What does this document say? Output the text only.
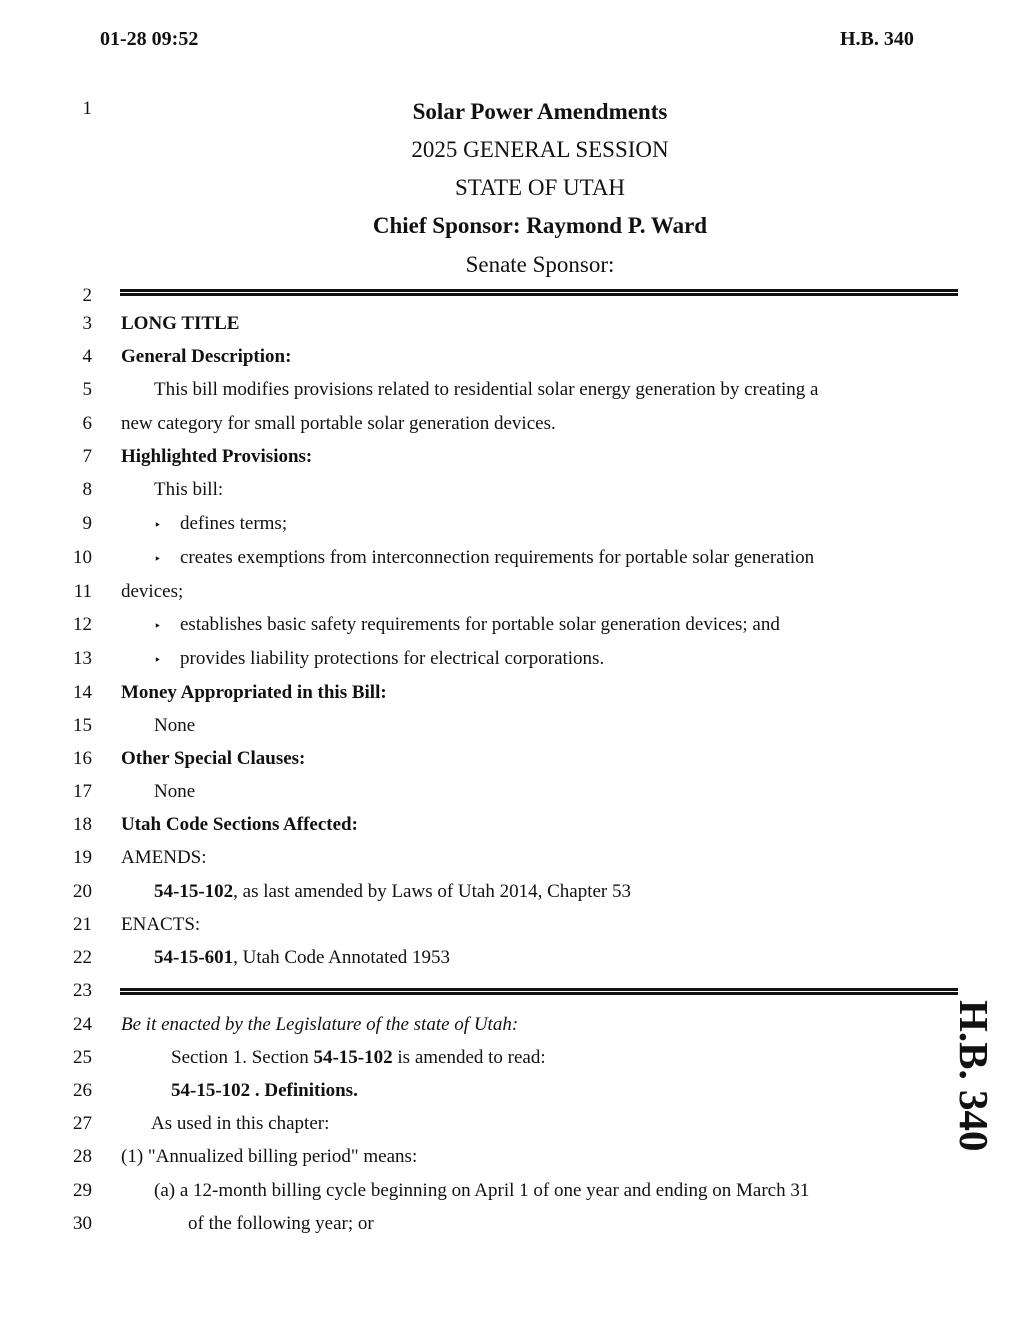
01-28 09:52	H.B. 340
1
2
3
4
5
6
7
8
9
10
11
12
13
14
15
16
17
18
19
20
21
22
23
24
25
26
27
28
29
30
Solar Power Amendments
2025 GENERAL SESSION
STATE OF UTAH
Chief Sponsor: Raymond P. Ward
Senate Sponsor:
LONG TITLE
General Description:
This bill modifies provisions related to residential solar energy generation by creating a
new category for small portable solar generation devices.
Highlighted Provisions:
This bill:
‣ defines terms;
‣ creates exemptions from interconnection requirements for portable solar generation
devices;
‣ establishes basic safety requirements for portable solar generation devices; and
‣ provides liability protections for electrical corporations.
Money Appropriated in this Bill:
None
Other Special Clauses:
None
Utah Code Sections Affected:
AMENDS:
54-15-102, as last amended by Laws of Utah 2014, Chapter 53
ENACTS:
54-15-601, Utah Code Annotated 1953
Be it enacted by the Legislature of the state of Utah:
Section 1. Section 54-15-102 is amended to read:
54-15-102 . Definitions.
As used in this chapter:
(1) "Annualized billing period" means:
(a) a 12-month billing cycle beginning on April 1 of one year and ending on March 31
of the following year; or
H.B. 340
